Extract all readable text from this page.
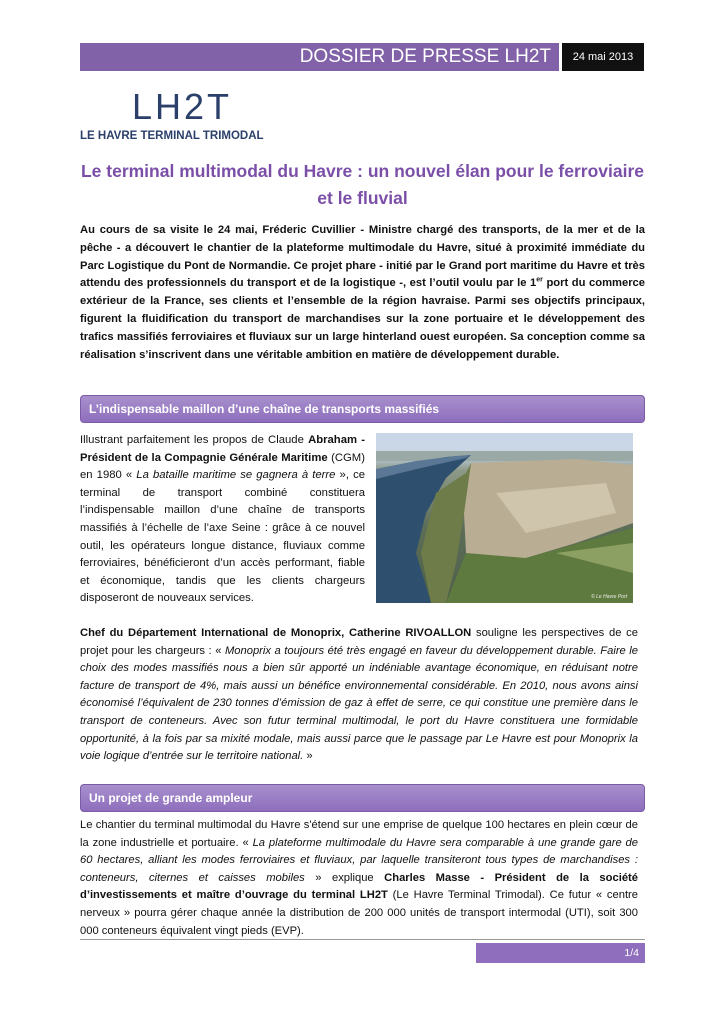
DOSSIER DE PRESSE LH2T	24 mai 2013
LH2T
LE HAVRE TERMINAL TRIMODAL
Le terminal multimodal du Havre : un nouvel élan pour le ferroviaire et le fluvial
Au cours de sa visite le 24 mai, Fréderic Cuvillier - Ministre chargé des transports, de la mer et de la pêche - a découvert le chantier de la plateforme multimodale du Havre, situé à proximité immédiate du Parc Logistique du Pont de Normandie. Ce projet phare - initié par le Grand port maritime du Havre et très attendu des professionnels du transport et de la logistique -, est l’outil voulu par le 1er port du commerce extérieur de la France, ses clients et l’ensemble de la région havraise. Parmi ses objectifs principaux, figurent la fluidification du transport de marchandises sur la zone portuaire et le développement des trafics massifiés ferroviaires et fluviaux sur un large hinterland ouest européen. Sa conception comme sa réalisation s’inscrivent dans une véritable ambition en matière de développement durable.
L’indispensable maillon d’une chaîne de transports massifiés
Illustrant parfaitement les propos de Claude Abraham - Président de la Compagnie Générale Maritime (CGM) en 1980 « La bataille maritime se gagnera à terre », ce terminal de transport combiné constituera l’indispensable maillon d’une chaîne de transports massifiés à l’échelle de l’axe Seine : grâce à ce nouvel outil, les opérateurs longue distance, fluviaux comme ferroviaires, bénéficieront d’un accès performant, fiable et économique, tandis que les clients chargeurs disposeront de nouveaux services.	© Le Havre Port
Chef du Département International de Monoprix, Catherine RIVOALLON souligne les perspectives de ce projet pour les chargeurs : « Monoprix a toujours été très engagé en faveur du développement durable. Faire le choix des modes massifiés nous a bien sûr apporté un indéniable avantage économique, en réduisant notre facture de transport de 4%, mais aussi un bénéfice environnemental considérable. En 2010, nous avons ainsi économisé l’équivalent de 230 tonnes d’émission de gaz à effet de serre, ce qui constitue une première dans le transport de conteneurs. Avec son futur terminal multimodal, le port du Havre constituera une formidable opportunité, à la fois par sa mixité modale, mais aussi parce que le passage par Le Havre est pour Monoprix la voie logique d’entrée sur le territoire national. »
Un projet de grande ampleur
Le chantier du terminal multimodal du Havre s'étend sur une emprise de quelque 100 hectares en plein cœur de la zone industrielle et portuaire. « La plateforme multimodale du Havre sera comparable à une grande gare de 60 hectares, alliant les modes ferroviaires et fluviaux, par laquelle transiteront tous types de marchandises : conteneurs, citernes et caisses mobiles » explique Charles Masse - Président de la société d’investissements et maître d’ouvrage du terminal LH2T (Le Havre Terminal Trimodal). Ce futur « centre nerveux » pourra gérer chaque année la distribution de 200 000 unités de transport intermodal (UTI), soit 300 000 conteneurs équivalent vingt pieds (EVP).
1/4
